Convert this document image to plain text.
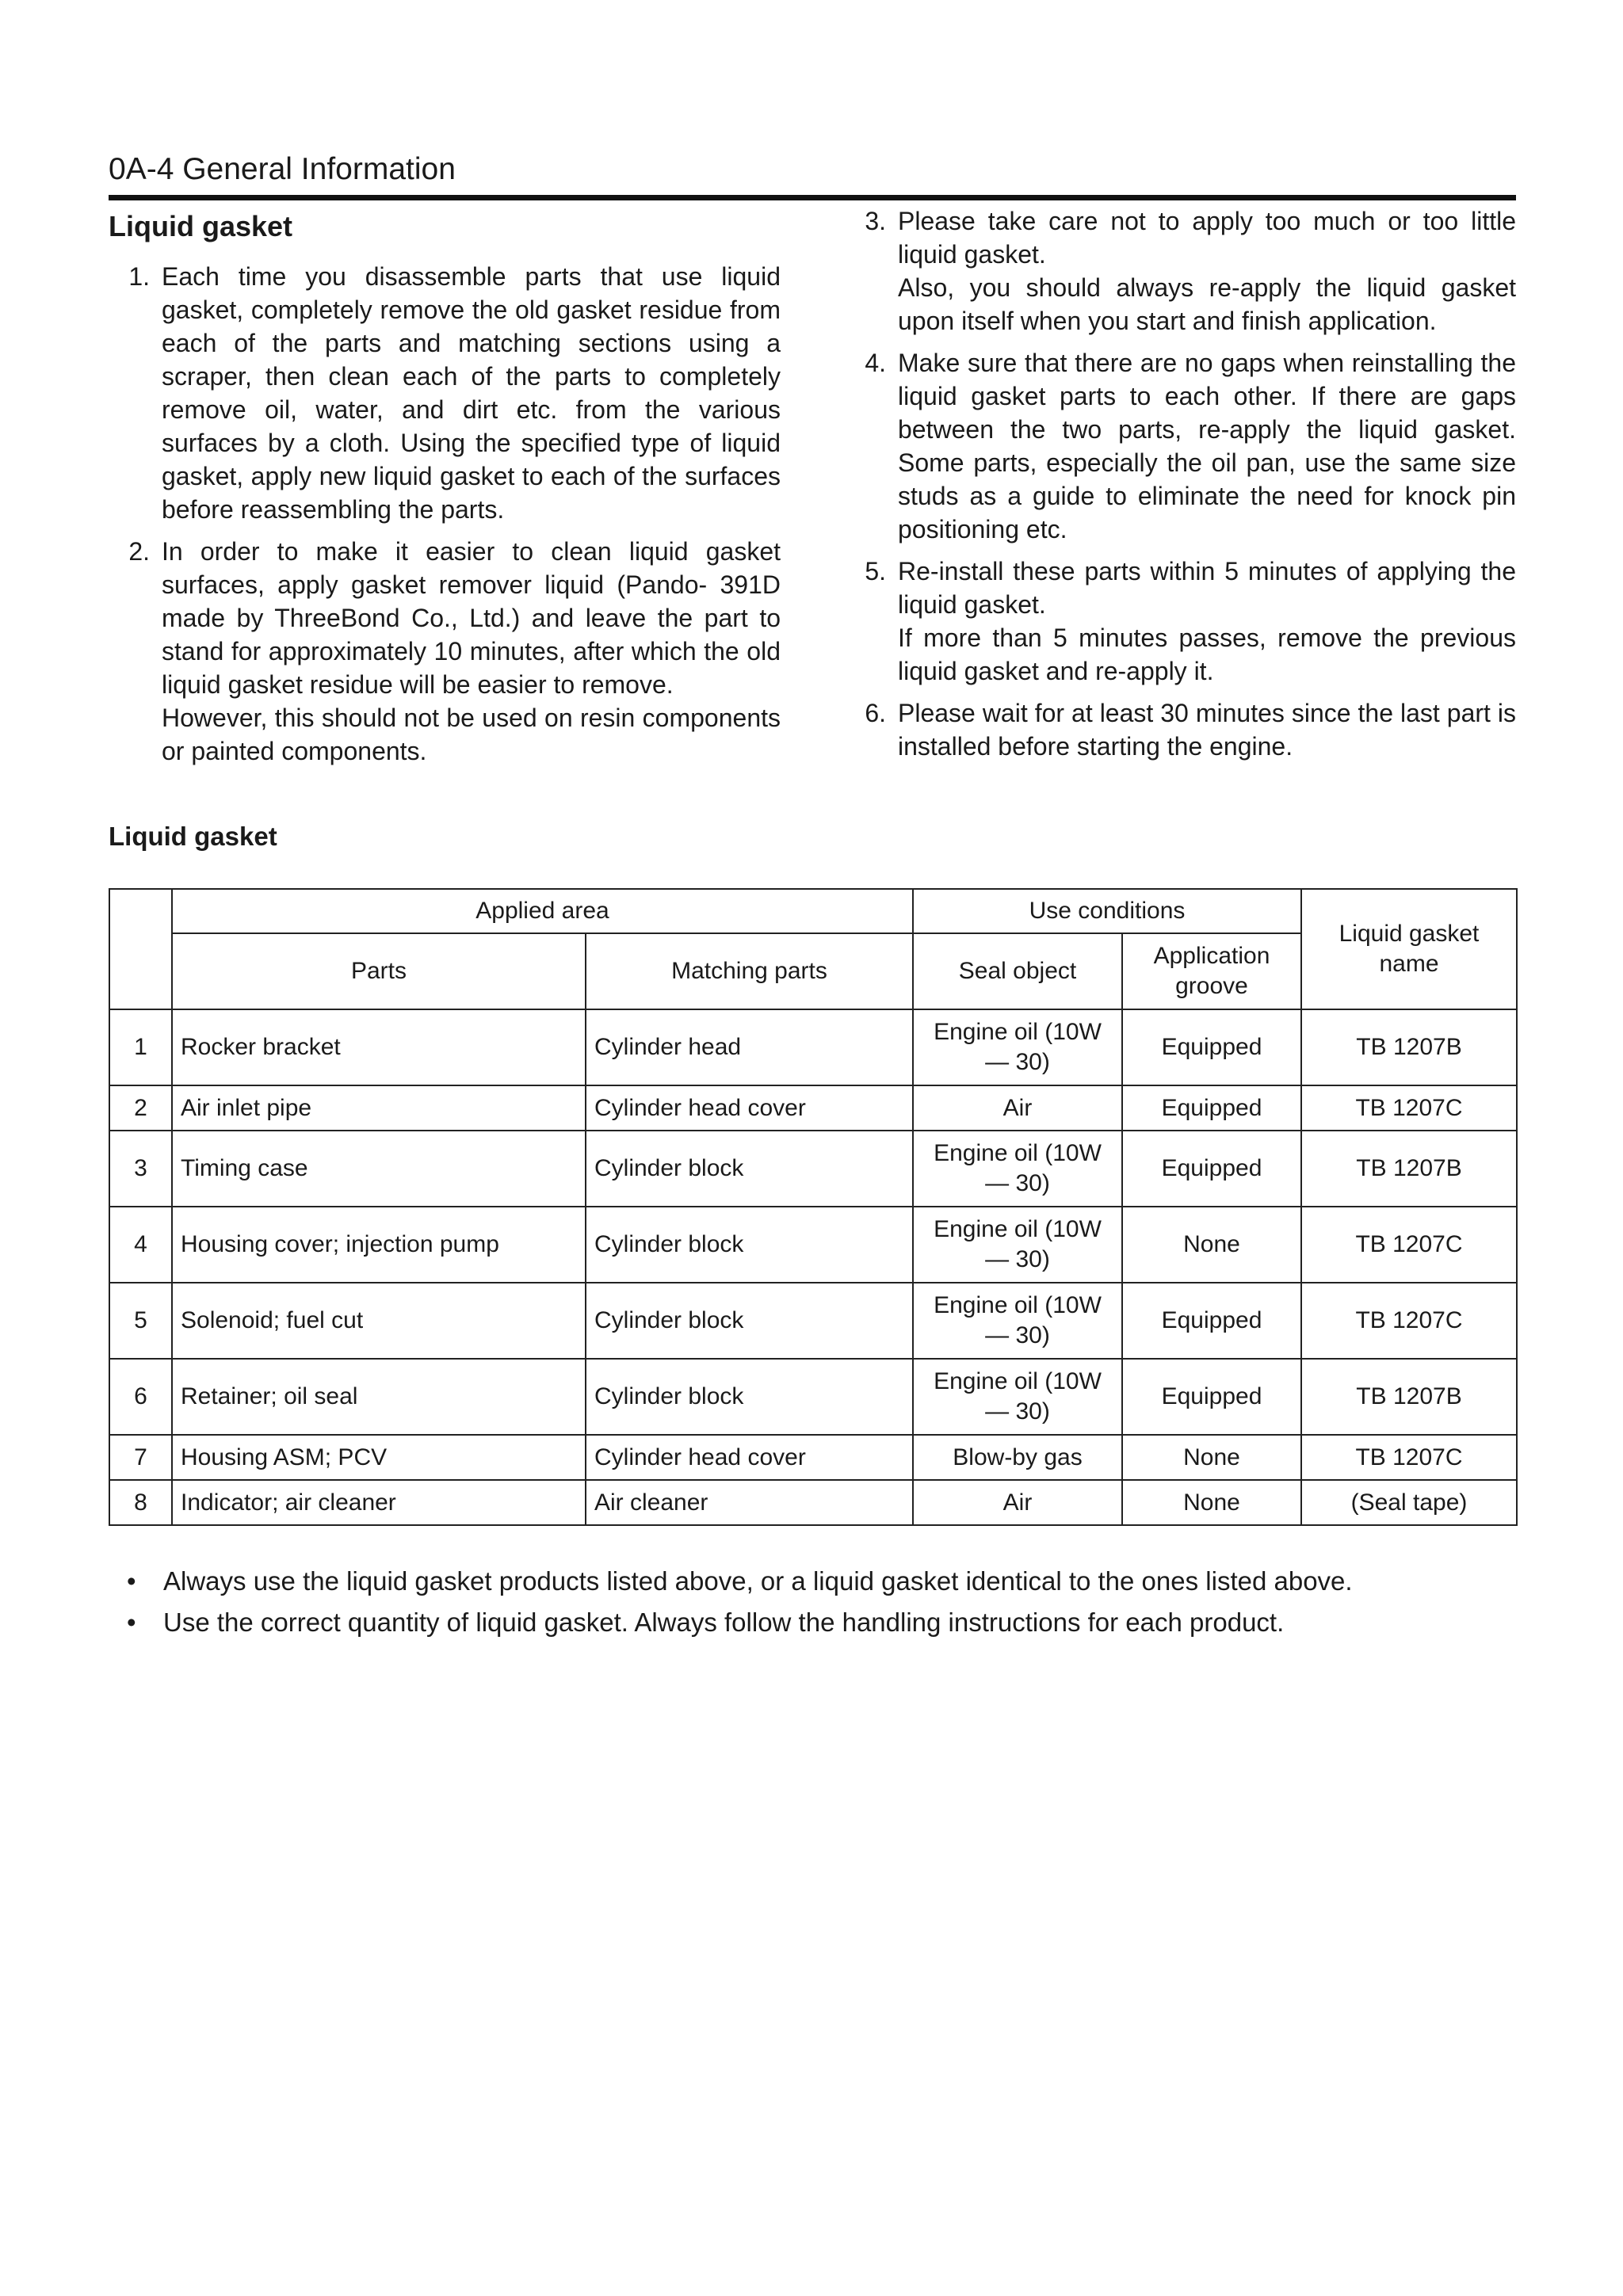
0A-4 General Information
Liquid gasket
1. Each time you disassemble parts that use liquid gasket, completely remove the old gasket residue from each of the parts and matching sections using a scraper, then clean each of the parts to completely remove oil, water, and dirt etc. from the various surfaces by a cloth. Using the specified type of liquid gasket, apply new liquid gasket to each of the surfaces before reassembling the parts.

2. In order to make it easier to clean liquid gasket surfaces, apply gasket remover liquid (Pando- 391D made by ThreeBond Co., Ltd.) and leave the part to stand for approximately 10 minutes, after which the old liquid gasket residue will be easier to remove.

However, this should not be used on resin components or painted components.

3. Please take care not to apply too much or too little liquid gasket.

Also, you should always re-apply the liquid gasket upon itself when you start and finish application.

4. Make sure that there are no gaps when reinstalling the liquid gasket parts to each other. If there are gaps between the two parts, re-apply the liquid gasket. Some parts, especially the oil pan, use the same size studs as a guide to eliminate the need for knock pin positioning etc.

5. Re-install these parts within 5 minutes of applying the liquid gasket.

If more than 5 minutes passes, remove the previous liquid gasket and re-apply it.

6. Please wait for at least 30 minutes since the last part is installed before starting the engine.

Liquid gasket
	Applied area		Use conditions		Liquid gasket name
	Parts	Matching parts	Seal object	Application groove	
1	Rocker bracket	Cylinder head	Engine oil (10W — 30)	Equipped	TB 1207B
2	Air inlet pipe	Cylinder head cover	Air	Equipped	TB 1207C
3	Timing case	Cylinder block	Engine oil (10W — 30)	Equipped	TB 1207B
4	Housing cover; injection pump	Cylinder block	Engine oil (10W — 30)	None	TB 1207C
5	Solenoid; fuel cut	Cylinder block	Engine oil (10W — 30)	Equipped	TB 1207C
6	Retainer; oil seal	Cylinder block	Engine oil (10W — 30)	Equipped	TB 1207B
7	Housing ASM; PCV	Cylinder head cover	Blow-by gas	None	TB 1207C
8	Indicator; air cleaner	Air cleaner	Air	None	(Seal tape)
•	Always use the liquid gasket products listed above, or a liquid gasket identical to the ones listed above.
•	Use the correct quantity of liquid gasket. Always follow the handling instructions for each product.
